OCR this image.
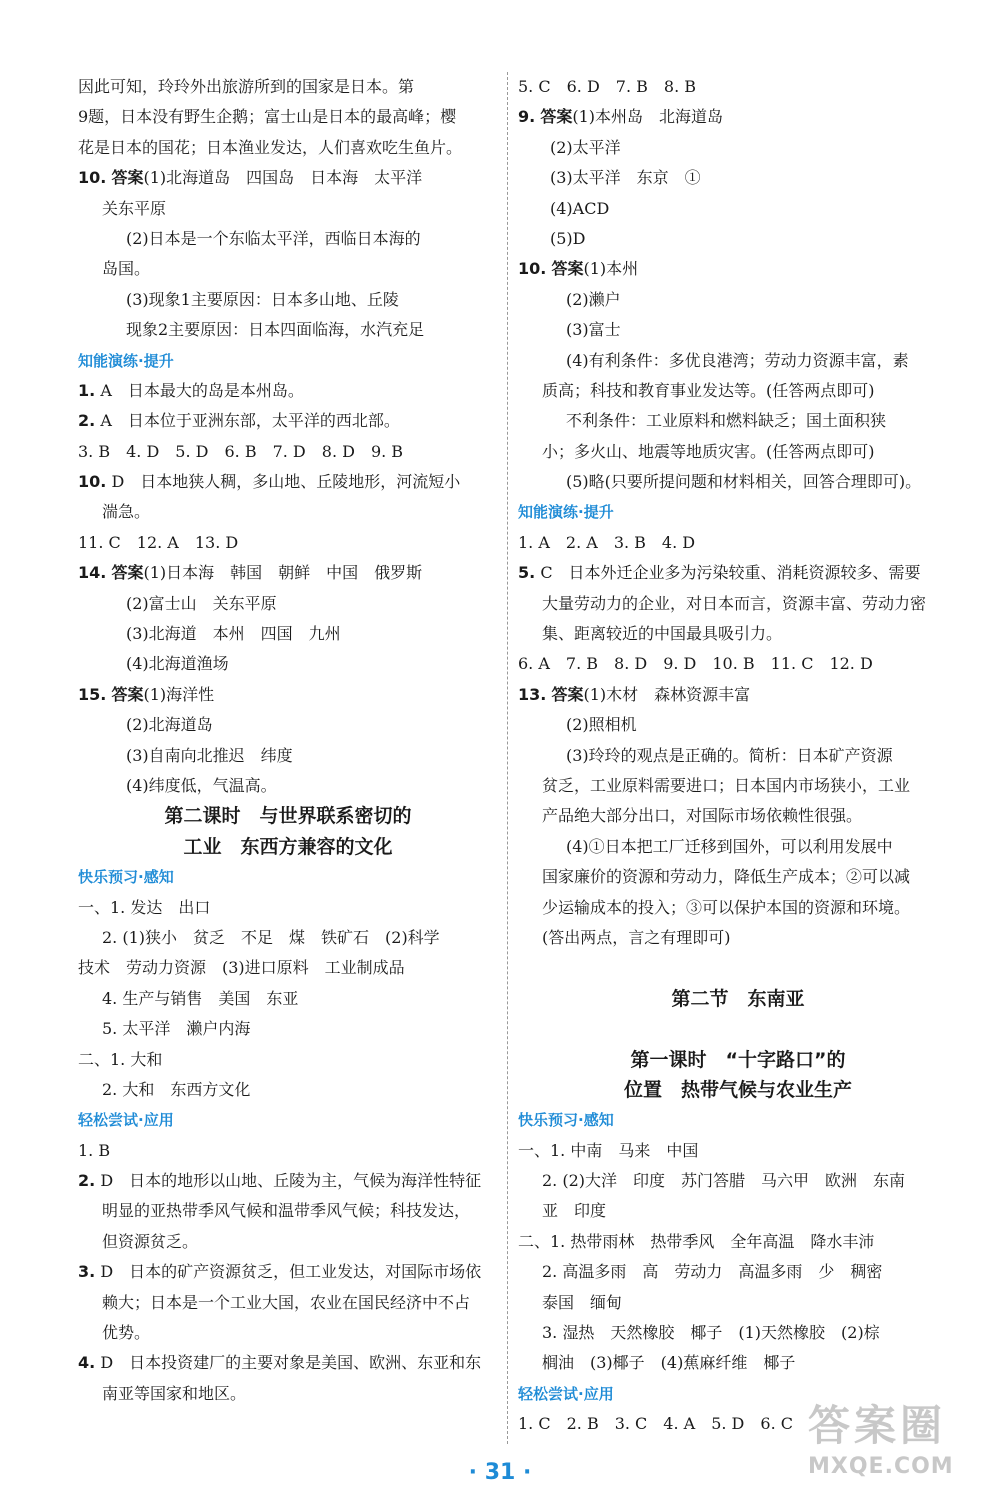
因此可知，玲玲外出旅游所到的国家是日本。第
9题，日本没有野生企鹅；富士山是日本的最高峰；樱
花是日本的国花；日本渔业发达，人们喜欢吃生鱼片。
10. 答案(1)北海道岛　四国岛　日本海　太平洋
关东平原
(2)日本是一个东临太平洋，西临日本海的
岛国。
(3)现象1主要原因：日本多山地、丘陵
现象2主要原因：日本四面临海，水汽充足
知能演练·提升
1. A　日本最大的岛是本州岛。
2. A　日本位于亚洲东部，太平洋的西北部。
3. B　4. D　5. D　6. B　7. D　8. D　9. B
10. D　日本地狭人稠，多山地、丘陵地形，河流短小
湍急。
11. C　12. A　13. D
14. 答案(1)日本海　韩国　朝鲜　中国　俄罗斯
(2)富士山　关东平原
(3)北海道　本州　四国　九州
(4)北海道渔场
15. 答案(1)海洋性
(2)北海道岛
(3)自南向北推迟　纬度
(4)纬度低，气温高。
第二课时　与世界联系密切的
工业　东西方兼容的文化
快乐预习·感知
一、1. 发达　出口
2. (1)狭小　贫乏　不足　煤　铁矿石　(2)科学
技术　劳动力资源　(3)进口原料　工业制成品
4. 生产与销售　美国　东亚
5. 太平洋　濑户内海
二、1. 大和
2. 大和　东西方文化
轻松尝试·应用
1. B
2. D　日本的地形以山地、丘陵为主，气候为海洋性特征
明显的亚热带季风气候和温带季风气候；科技发达，
但资源贫乏。
3. D　日本的矿产资源贫乏，但工业发达，对国际市场依
赖大；日本是一个工业大国，农业在国民经济中不占
优势。
4. D　日本投资建厂的主要对象是美国、欧洲、东亚和东
南亚等国家和地区。
5. C　6. D　7. B　8. B
9. 答案(1)本州岛　北海道岛
(2)太平洋
(3)太平洋　东京　①
(4)ACD
(5)D
10. 答案(1)本州
(2)濑户
(3)富士
(4)有利条件：多优良港湾；劳动力资源丰富，素
质高；科技和教育事业发达等。(任答两点即可)
不利条件：工业原料和燃料缺乏；国土面积狭
小；多火山、地震等地质灾害。(任答两点即可)
(5)略(只要所提问题和材料相关，回答合理即可)。
知能演练·提升
1. A　2. A　3. B　4. D
5. C　日本外迁企业多为污染较重、消耗资源较多、需要
大量劳动力的企业，对日本而言，资源丰富、劳动力密
集、距离较近的中国最具吸引力。
6. A　7. B　8. D　9. D　10. B　11. C　12. D
13. 答案(1)木材　森林资源丰富
(2)照相机
(3)玲玲的观点是正确的。简析：日本矿产资源
贫乏，工业原料需要进口；日本国内市场狭小，工业
产品绝大部分出口，对国际市场依赖性很强。
(4)①日本把工厂迁移到国外，可以利用发展中
国家廉价的资源和劳动力，降低生产成本；②可以减
少运输成本的投入；③可以保护本国的资源和环境。
(答出两点，言之有理即可)
第二节　东南亚
第一课时　“十字路口”的
位置　热带气候与农业生产
快乐预习·感知
一、1. 中南　马来　中国
2. (2)大洋　印度　苏门答腊　马六甲　欧洲　东南
亚　印度
二、1. 热带雨林　热带季风　全年高温　降水丰沛
2. 高温多雨　高　劳动力　高温多雨　少　稠密
泰国　缅甸
3. 湿热　天然橡胶　椰子　(1)天然橡胶　(2)棕
榈油　(3)椰子　(4)蕉麻纤维　椰子
轻松尝试·应用
1. C　2. B　3. C　4. A　5. D　6. C
· 31 ·
答案圈
MXQE.COM
